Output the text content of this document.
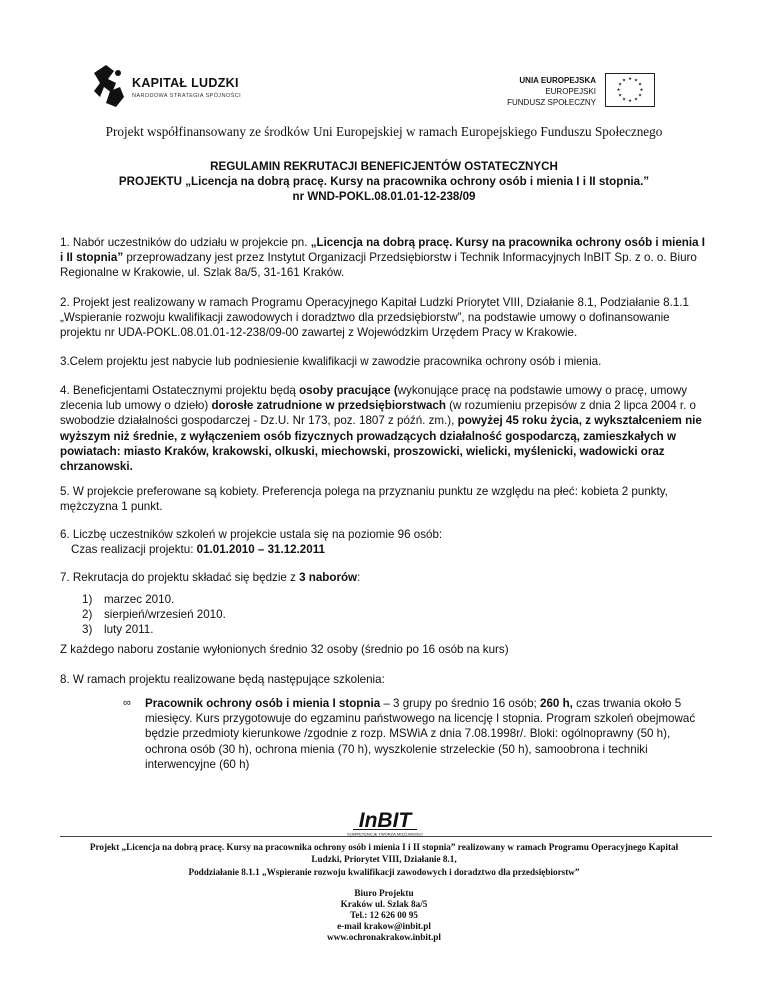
KAPITAŁ LUDZKI
NARODOWA STRATEGIA SPÓJNOŚCI
UNIA EUROPEJSKA
EUROPEJSKI
FUNDUSZ SPOŁECZNY
★ ★
★
★
★
★
★
★
★
★
★
★
Projekt współfinansowany ze środków Uni Europejskiej w ramach Europejskiego Funduszu Społecznego
REGULAMIN REKRUTACJI BENEFICJENTÓW OSTATECZNYCH
PROJEKTU „Licencja na dobrą pracę. Kursy na pracownika ochrony osób i mienia I i II stopnia.”
nr WND-POKL.08.01.01-12-238/09
1. Nabór uczestników do udziału w projekcie pn. „Licencja na dobrą pracę. Kursy na pracownika ochrony osób i mienia I
i II stopnia” przeprowadzany jest przez Instytut Organizacji Przedsiębiorstw i Technik Informacyjnych InBIT Sp. z o. o. Biuro
Regionalne w Krakowie, ul. Szlak 8a/5, 31-161 Kraków.
2. Projekt jest realizowany w ramach Programu Operacyjnego Kapitał Ludzki Priorytet VIII, Działanie 8.1, Podziałanie 8.1.1
„Wspieranie rozwoju kwalifikacji zawodowych i doradztwo dla przedsiębiorstw”, na podstawie umowy o dofinansowanie
projektu nr UDA-POKL.08.01.01-12-238/09-00 zawartej z Wojewódzkim Urzędem Pracy w Krakowie.
3.Celem projektu jest nabycie lub podniesienie kwalifikacji w zawodzie pracownika ochrony osób i mienia.
4. Beneficjentami Ostatecznymi projektu będą osoby pracujące (wykonujące pracę na podstawie umowy o pracę, umowy
zlecenia lub umowy o dzieło) dorosłe zatrudnione w przedsiębiorstwach (w rozumieniu przepisów z dnia 2 lipca 2004 r. o
swobodzie działalności gospodarczej - Dz.U. Nr 173, poz. 1807 z późń. zm.), powyżej 45 roku życia, z wykształceniem nie
wyższym niż średnie, z wyłączeniem osób fizycznych prowadzących działalność gospodarczą, zamieszkałych w
powiatach: miasto Kraków, krakowski, olkuski, miechowski, proszowicki, wielicki, myślenicki, wadowicki oraz
chrzanowski.
5. W projekcie preferowane są kobiety. Preferencja polega na przyznaniu punktu ze względu na płeć: kobieta 2 punkty,
mężczyzna 1 punkt.
6. Liczbę uczestników szkoleń w projekcie ustala się na poziomie 96 osób:
Czas realizacji projektu: 01.01.2010 – 31.12.2011
7. Rekrutacja do projektu składać się będzie z 3 naborów:
1) marzec 2010.
2) sierpień/wrzesień 2010.
3) luty 2011.
Z każdego naboru zostanie wyłonionych średnio 32 osoby (średnio po 16 osób na kurs)
8. W ramach projektu realizowane będą następujące szkolenia:
∞ Pracownik ochrony osób i mienia I stopnia – 3 grupy po średnio 16 osób; 260 h, czas trwania około 5
miesięcy. Kurs przygotowuje do egzaminu państwowego na licencję I stopnia. Program szkoleń obejmować
będzie przedmioty kierunkowe /zgodnie z rozp. MSWiA z dnia 7.08.1998r/. Bloki: ogólnoprawny (50 h),
ochrona osób (30 h), ochrona mienia (70 h), wyszkolenie strzeleckie (50 h), samoobrona i techniki
interwencyjne (60 h)
InBIT
KOMPETENCJE TWORZĄ MOŻLIWOŚCI
Projekt „Licencja na dobrą pracę. Kursy na pracownika ochrony osób i mienia I i II stopnia” realizowany w ramach Programu Operacyjnego Kapitał
Ludzki, Priorytet VIII, Działanie 8.1,
Poddziałanie 8.1.1 „Wspieranie rozwoju kwalifikacji zawodowych i doradztwo dla przedsiębiorstw”
Biuro Projektu
Kraków ul. Szlak 8a/5
Tel.: 12 626 00 95
e-mail krakow@inbit.pl
www.ochronakrakow.inbit.pl
